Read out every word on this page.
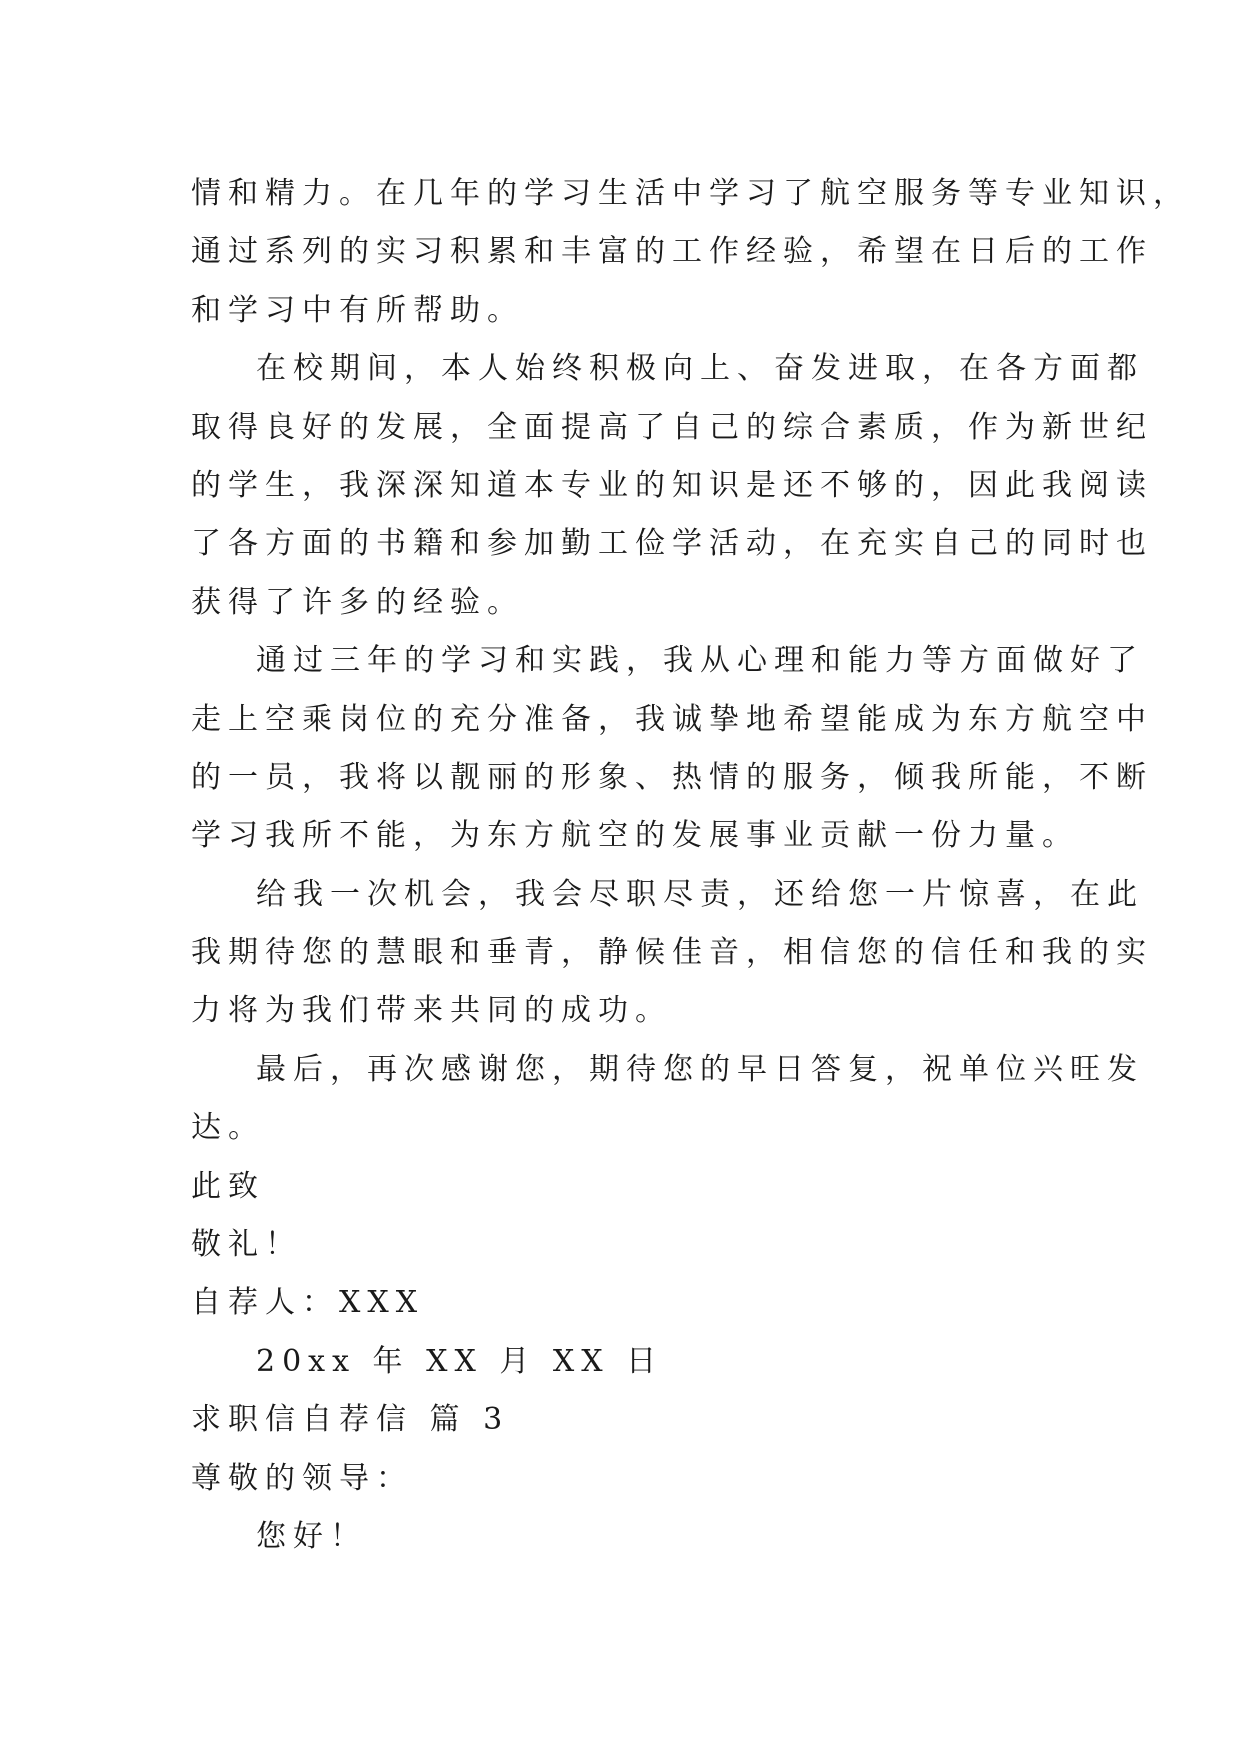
情和精力。在几年的学习生活中学习了航空服务等专业知识，
通过系列的实习积累和丰富的工作经验，希望在日后的工作
和学习中有所帮助。
在校期间，本人始终积极向上、奋发进取，在各方面都
取得良好的发展，全面提高了自己的综合素质，作为新世纪
的学生，我深深知道本专业的知识是还不够的，因此我阅读
了各方面的书籍和参加勤工俭学活动，在充实自己的同时也
获得了许多的经验。
通过三年的学习和实践，我从心理和能力等方面做好了
走上空乘岗位的充分准备，我诚挚地希望能成为东方航空中
的一员，我将以靓丽的形象、热情的服务，倾我所能，不断
学习我所不能，为东方航空的发展事业贡献一份力量。
给我一次机会，我会尽职尽责，还给您一片惊喜，在此
我期待您的慧眼和垂青，静候佳音，相信您的信任和我的实
力将为我们带来共同的成功。
最后，再次感谢您，期待您的早日答复，祝单位兴旺发
达。
此致
敬礼！
自荐人：XXX
20xx 年 XX 月 XX 日
求职信自荐信 篇 3
尊敬的领导：
您好！
